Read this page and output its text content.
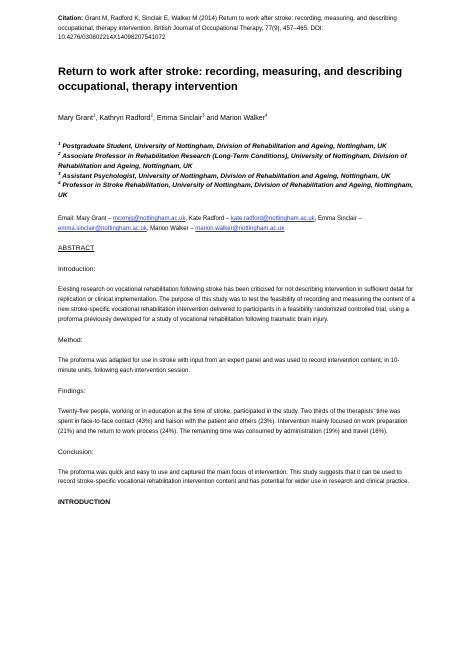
Citation: Grant M, Radford K, Sinclair E, Walker M (2014) Return to work after stroke: recording, measuring, and describing occupational, therapy intervention. British Journal of Occupational Therapy, 77(9), 457–465. DOI: 10.4276/030802214X14098207541072

Return to work after stroke: recording, measuring, and describing occupational, therapy intervention

Mary Grant$^1$, Kathryn Radford$^2$, Emma Sinclair$^3$ and Marion Walker$^4$

$^1$ Postgraduate Student, University of Nottingham, Division of Rehabilitation and Ageing, Nottingham, UK
$^2$ Associate Professor in Rehabilitation Research (Long-Term Conditions), University of Nottingham, Division of Rehabilitation and Ageing, Nottingham, UK
$^3$ Assistant Psychologist, University of Nottingham, Division of Rehabilitation and Ageing, Nottingham, UK
$^4$ Professor in Stroke Rehabilitation, University of Nottingham, Division of Rehabilitation and Ageing, Nottingham, UK

Email: Mary Grant – mcxmjg@nottingham.ac.uk, Kate Radford – kate.radford@nottingham.ac.uk, Emma Sinclair – emma.sinclair@nottingham.ac.uk, Marion Walker – marion.walker@nottingham.ac.uk

ABSTRACT

Introduction:

Existing research on vocational rehabilitation following stroke has been criticised for not describing intervention in sufficient detail for replication or clinical implementation. The purpose of this study was to test the feasibility of recording and measuring the content of a new stroke-specific vocational rehabilitation intervention delivered to participants in a feasibility randomized controlled trial, using a proforma previously developed for a study of vocational rehabilitation following traumatic brain injury.

Method:

The proforma was adapted for use in stroke with input from an expert panel and was used to record intervention content, in 10-minute units, following each intervention session.

Findings:

Twenty-five people, working or in education at the time of stroke, participated in the study. Two thirds of the therapists' time was spent in face-to-face contact (43%) and liaison with the patient and others (23%). Intervention mainly focused on work preparation (21%) and the return to work process (24%). The remaining time was consumed by administration (19%) and travel (16%).

Conclusion:

The proforma was quick and easy to use and captured the main focus of intervention. This study suggests that it can be used to record stroke-specific vocational rehabilitation intervention content and has potential for wider use in research and clinical practice.

INTRODUCTION
